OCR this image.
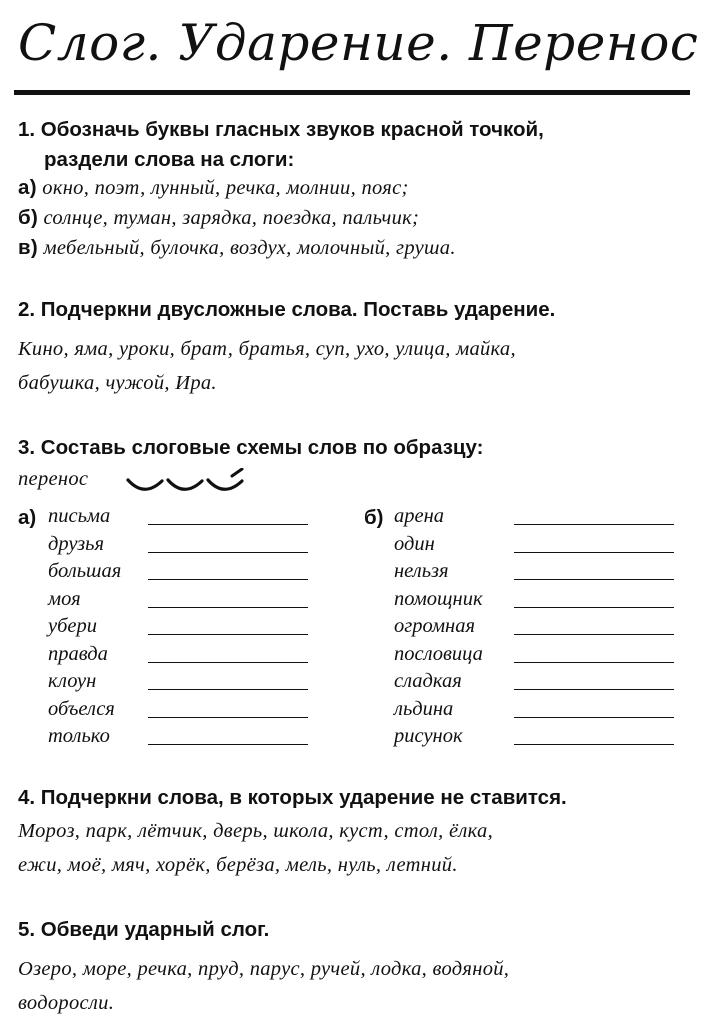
Слог. Ударение. Перенос
1. Обозначь буквы гласных звуков красной точкой,
раздели слова на слоги:
а) окно, поэт, лунный, речка, молнии, пояс;
б) солнце, туман, зарядка, поездка, пальчик;
в) мебельный, булочка, воздух, молочный, груша.
2. Подчеркни двусложные слова. Поставь ударение.
Кино, яма, уроки, брат, братья, суп, ухо, улица, майка,
бабушка, чужой, Ира.
3. Составь слоговые схемы слов по образцу:
перенос
а)	б)
письма
друзья
большая
моя
убери
правда
клоун
объелся
только
арена
один
нельзя
помощник
огромная
пословица
сладкая
льдина
рисунок
4. Подчеркни слова, в которых ударение не ставится.
Мороз, парк, лётчик, дверь, школа, куст, стол, ёлка,
ежи, моё, мяч, хорёк, берёза, мель, нуль, летний.
5. Обведи ударный слог.
Озеро, море, речка, пруд, парус, ручей, лодка, водяной,
водоросли.
